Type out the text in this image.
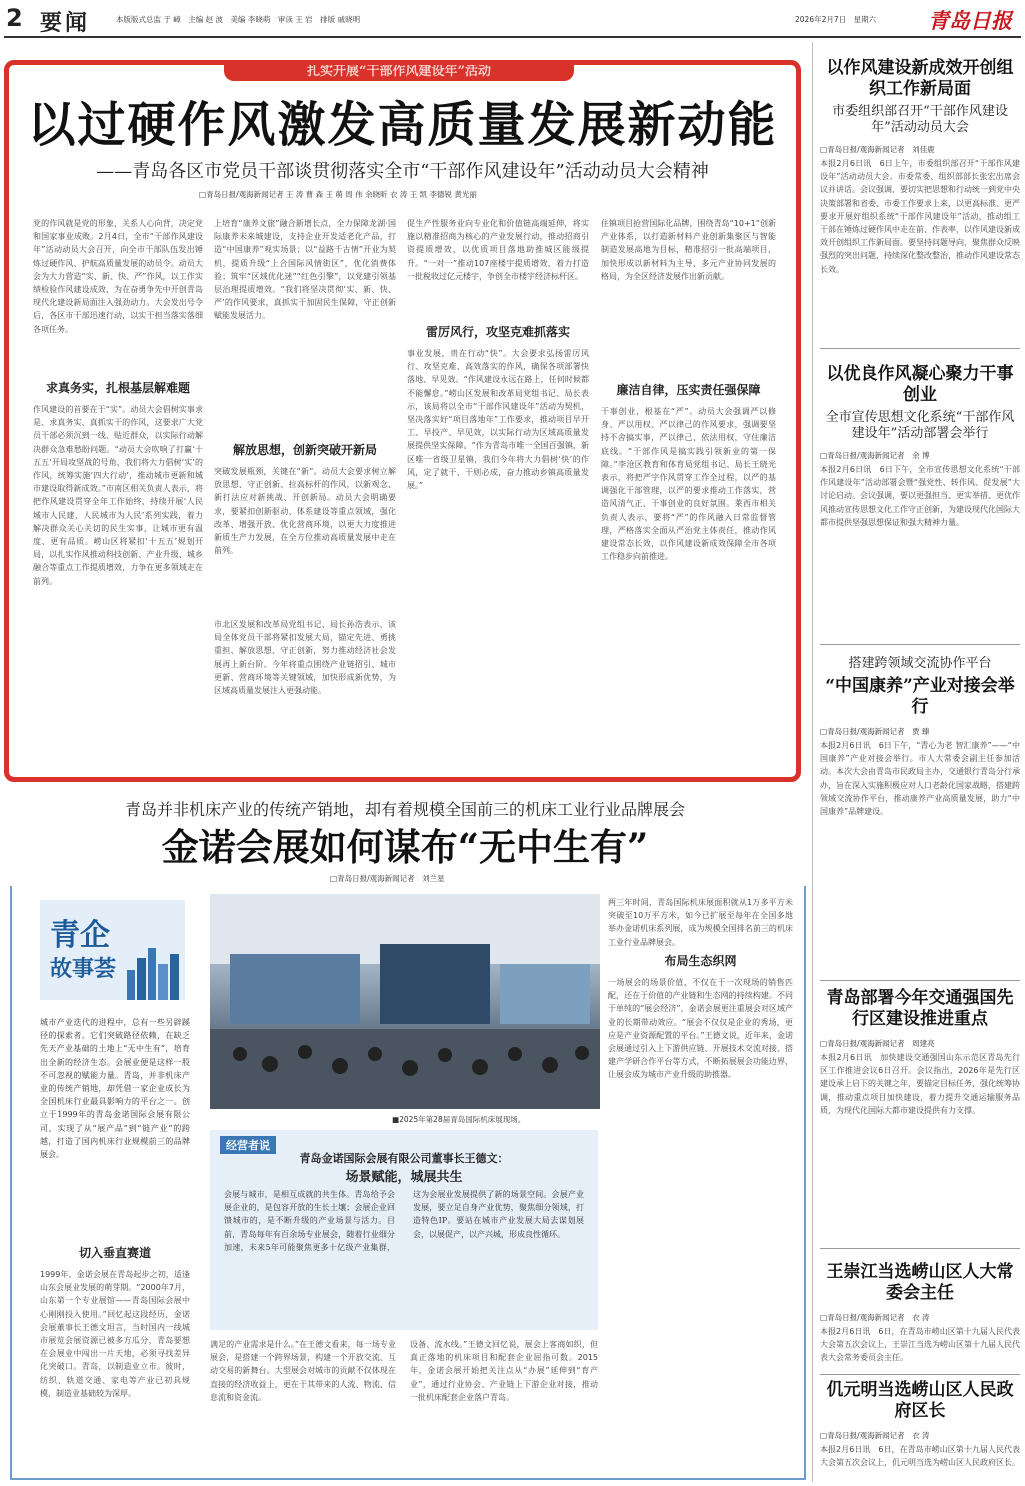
2 要闻	本版版式总监 于 嶂　主编 赵 波　美编 李晓萌　审读 王 岩　排版 戚晓明	2026年2月7日　星期六 青岛日报
扎实开展“干部作风建设年”活动
以过硬作风激发高质量发展新动能
——青岛各区市党员干部谈贯彻落实全市“干部作风建设年”活动动员大会精神
□青岛日报/观海新闻记者 王 涛 曹 森 王 萌 周 伟 余晓昕 衣 涛 王 凯 李德锐 黄光丽
党的作风就是党的形象，关系人心向背，决定党和国家事业成败。2月4日，全市“干部作风建设年”活动动员大会召开，向全市干部队伍发出锤炼过硬作风、护航高质量发展的动员令。动员大会为大力营造“实、新、快、严”作风，以工作实绩检验作风建设成效，为在奋勇争先中开创青岛现代化建设新局面注入强劲动力。大会发出号令后，各区市干部迅速行动，以实干担当落实落细各项任务。
求真务实，扎根基层解难题
作风建设的首要在于“实”。动员大会倡树实事求是、求真务实、真抓实干的作风，这要求广大党员干部必须沉到一线、贴近群众，以实际行动解决群众急难愁盼问题。“动员大会吹响了打赢‘十五五’开局攻坚战的号角，我们将大力倡树‘实’的作风，统筹实施‘四大行动’，推动城市更新和城市建设取得新成效。”市南区相关负责人表示，将把作风建设贯穿全年工作始终，持续开展‘人民城市人民建，人民城市为人民’系列实践，着力解决群众关心关切的民生实事，让城市更有温度、更有品质。崂山区将紧扣‘十五五’规划开局，以扎实作风推动科技创新、产业升级、城乡融合等重点工作提质增效，力争在更多领域走在前列。
上培育“康养文旅”融合新增长点，全力保障龙湖·国际康养未来城建设，支持企业开发适老化产品，打造“中国康养”观实场景；以“益路千古情”开业为契机，提质升级“上合国际风情街区”，优化消费体验；筑牢“区域优化迷”“红色引擎”，以党建引领基层治理提质增效。“我们将坚决贯彻‘实、新、快、严’的作风要求，真抓实干加固民生保障，守正创新赋能发展活力。
解放思想，创新突破开新局
突破发展瓶颈，关键在“新”。动员大会要求树立解放思想、守正创新、拉高标杆的作风，以新观念、新打法应对新挑战、开创新局。动员大会明确要求，要紧扣创新驱动、体系建设等重点领域，强化改革、增强开放、优化营商环境，以更大力度推进新质生产力发展，在全方位推动高质量发展中走在前列。
市北区发展和改革局党组书记、局长孙浩表示，该局全体党员干部将紧扣发展大局，锚定先进、勇挑重担、解放思想、守正创新，努力推动经济社会发展再上新台阶。今年将重点围绕产业链招引、城市更新、营商环境等关键领域，加快形成新优势，为区域高质量发展注入更强动能。
促生产性服务业向专业化和价值链高端延伸，将实施以精准招商为核心的产业发展行动，推动招商引资提质增效，以优质项目落地助推城区能级提升。“一对一”推动107座楼宇提质增效，着力打造一批税收过亿元楼宇，争创全市楼宇经济标杆区。
雷厉风行，攻坚克难抓落实
事业发展，贵在行动“快”。大会要求弘扬雷厉风行、攻坚克难、高效落实的作风，确保各项部署快落地、早见效。“作风建设永远在路上，任何时候都不能懈怠。”崂山区发展和改革局党组书记、局长表示，该局将以全市“干部作风建设年”活动为契机，坚决落实好“项目落地年”工作要求，推动项目早开工、早投产、早见效，以实际行动为区域高质量发展提供坚实保障。“作为青岛市唯一全国百强镇，新区唯一省级卫星镇，我们今年将大力倡树‘快’的作风，定了就干、干则必成，奋力推动乡镇高质量发展。”
住镇项目抢营国际化品牌，围绕青岛“10+1”创新产业体系，以打造新材料产业创新集聚区与智能制造发展高地为目标，精准招引一批高端项目，加快形成以新材料为主导、多元产业协同发展的格局，为全区经济发展作出新贡献。
廉洁自律，压实责任强保障
干事创业，根基在“严”。动员大会强调严以修身、严以用权、严以律己的作风要求，强调要坚持不舍搞实事，严以律己、依法用权，守住廉洁底线。“干部作风是搞实践引领新业的第一保障。”李沧区教育和体育局党组书记、局长王晓光表示，将把严字作风贯穿工作全过程，以严的基调强化干部管理，以严的要求推动工作落实，营造风清气正、干事创业的良好氛围。莱西市相关负责人表示，要将“严”的作风融入日常监督管理，严格落实全面从严治党主体责任，推动作风建设常态长效，以作风建设新成效保障全市各项工作稳步向前推进。
青岛并非机床产业的传统产销地，却有着规模全国前三的机床工业行业品牌展会
金诺会展如何谋布“无中生有”
□青岛日报/观海新闻记者　刘兰星
青企
故事荟
城市产业迭代的进程中，总有一些另辟蹊径的探索者。它们突破路径依赖，在缺乏先天产业基础的土地上“无中生有”，培育出全新的经济生态。会展业便是这样一股不可忽视的赋能力量。青岛，并非机床产业的传统产销地，却凭借一家企业成长为全国机床行业最具影响力的平台之一。创立于1999年的青岛金诺国际会展有限公司，实现了从“展产品”到“链产业”的跨越，打造了国内机床行业规模前三的品牌展会。
切入垂直赛道
1999年，金诺会展在青岛起步之初，适逢山东会展业发展的萌芽期。“2000年7月，山东第一个专业展馆——青岛国际会展中心刚刚投入使用。”回忆起这段经历，金诺会展董事长王德文坦言，当时国内一线城市展览会展资源已被多方瓜分，青岛要想在会展业中闯出一片天地，必须寻找差异化突破口。青岛，以制造业立市。彼时，纺织、轨道交通、家电等产业已初具规模，制造业基础较为深厚。
■2025年第28届青岛国际机床展现场。
经营者说
青岛金诺国际会展有限公司董事长王德文：
场景赋能，城展共生
会展与城市，是相互成就的共生体。青岛给予会展企业的，是包容开放的生长土壤；会展企业回馈城市的，是不断升级的产业场景与活力。目前，青岛每年有百余场专业展会，随着行业细分加速，未来5年可能聚焦更多十亿级产业集群，这为会展业发展提供了新的场景空间。会展产业发展，要立足自身产业优势，聚焦细分领域，打造特色IP。要站在城市产业发展大局去谋划展会，以展促产，以产兴城，形成良性循环。
满足的产业需求是什么。”在王德文看来，每一场专业展会，是搭建一个跨界场景，构建一个开放交流、互动交易的新舞台。大型展会对城市的贡献不仅体现在直接的经济收益上，更在于其带来的人流、物流、信息流和资金流。
设备、流水线。”王德文回忆说，展会上客商如织，但真正落地的机床项目和配套企业屈指可数。2015年，金诺会展开始把关注点从“办展”延伸到“育产业”，通过行业协会、产业链上下游企业对接，推动一批机床配套企业落户青岛。
两三年时间，青岛国际机床展面积就从1万多平方米突破至10万平方米，如今已扩展至每年在全国多地举办金诺机床系列展，成为规模全国排名前三的机床工业行业品牌展会。
布局生态织网
一场展会的场景价值，不仅在于一次现场的销售匹配，还在于价值的产业链和生态网的持续构建。不同于单纯的“展会经济”，金诺会展更注重展会对区域产业的长期带动效应。“展会不仅仅是企业的秀场，更应是产业资源配置的平台。”王德文说，近年来，金诺会展通过引入上下游供应链、开展技术交流对接、搭建产学研合作平台等方式，不断拓展展会功能边界，让展会成为城市产业升级的助推器。
以作风建设新成效开创组织工作新局面
市委组织部召开“干部作风建设年”活动动员大会
□青岛日报/观海新闻记者　刘佳鹿
本报2月6日讯　6日上午，市委组织部召开“干部作风建设年”活动动员大会。市委常委、组织部部长张宏出席会议并讲话。会议强调，要切实把思想和行动统一到党中央决策部署和省委、市委工作要求上来，以更高标准、更严要求开展好组织系统“干部作风建设年”活动，推动组工干部在锤炼过硬作风中走在前、作表率，以作风建设新成效开创组织工作新局面。要坚持问题导向，聚焦群众反映强烈的突出问题，持续深化整改整治，推动作风建设常态长效。
以优良作风凝心聚力干事创业
全市宣传思想文化系统“干部作风建设年”活动部署会举行
□青岛日报/观海新闻记者　余 博
本报2月6日讯　6日下午，全市宣传思想文化系统“干部作风建设年”活动部署会暨“强党性、转作风、促发展”大讨论启动。会议强调，要以更强担当、更实举措、更优作风推动宣传思想文化工作守正创新，为建设现代化国际大都市提供坚强思想保证和强大精神力量。
搭建跨领域交流协作平台
“中国康养”产业对接会举行
□青岛日报/观海新闻记者　贾 臻
本报2月6日讯　6日下午，“青心为老 智汇康养”——“中国康养”产业对接会举行。市人大常委会副主任参加活动。本次大会由青岛市民政局主办，交通银行青岛分行承办，旨在深入实施积极应对人口老龄化国家战略，搭建跨领域交流协作平台，推动康养产业高质量发展，助力“中国康养”品牌建设。
青岛部署今年交通强国先行区建设推进重点
□青岛日报/观海新闻记者　周建亮
本报2月6日讯　加快建设交通强国山东示范区青岛先行区工作推进会议6日召开。会议指出，2026年是先行区建设承上启下的关键之年，要锚定目标任务，强化统筹协调，推动重点项目加快建设，着力提升交通运输服务品质，为现代化国际大都市建设提供有力支撑。
王崇江当选崂山区人大常委会主任
□青岛日报/观海新闻记者　衣 涛
本报2月6日讯　6日，在青岛市崂山区第十九届人民代表大会第五次会议上，王崇江当选为崂山区第十九届人民代表大会常务委员会主任。
仉元明当选崂山区人民政府区长
□青岛日报/观海新闻记者　衣 涛
本报2月6日讯　6日，在青岛市崂山区第十九届人民代表大会第五次会议上，仉元明当选为崂山区人民政府区长。
